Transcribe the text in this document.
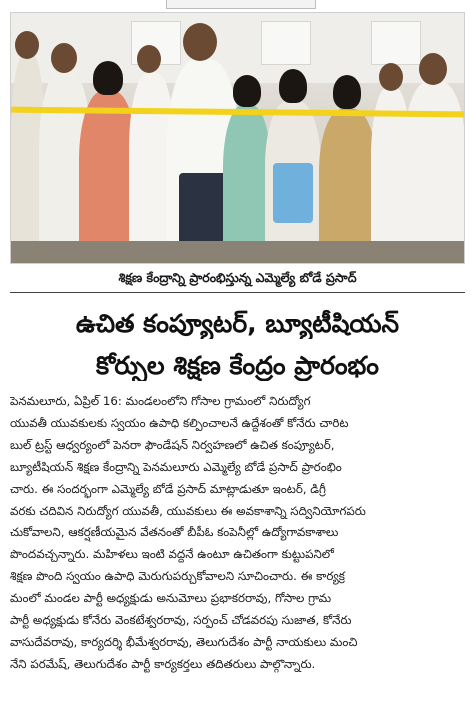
శిక్షణ కేంద్రాన్ని ప్రారంభిస్తున్న ఎమ్మెల్యే బోడే ప్రసాద్
ఉచిత కంప్యూటర్, బ్యూటీషియన్
కోర్సుల శిక్షణ కేంద్రం ప్రారంభం
పెనమలూరు, ఏప్రిల్ 16: మండలంలోని గోసాల గ్రామంలో నిరుద్యోగ
యువతీ యువకులకు స్వయం ఉపాధి కల్పించాలనే ఉద్దేశంతో కోనేరు చారిట
బుల్ ట్రస్ట్ ఆధ్వర్యంలో పెనరా ఫౌండేషన్ నిర్వహణలో ఉచిత కంప్యూటర్,
బ్యూటీషియన్ శిక్షణ కేంద్రాన్ని పెనమలూరు ఎమ్మెల్యే బోడే ప్రసాద్ ప్రారంభిం
చారు. ఈ సందర్భంగా ఎమ్మెల్యే బోడే ప్రసాద్ మాట్లాడుతూ ఇంటర్, డిగ్రీ
వరకు చదివిన నిరుద్యోగ యువతీ, యువకులు ఈ అవకాశాన్ని సద్వినియోగపరు
చుకోవాలని, ఆకర్షణీయమైన వేతనంతో బీపీఓ కంపెనీల్లో ఉద్యోగావకాశాలు
పొందవచ్చన్నారు. మహిళలు ఇంటి వద్దనే ఉంటూ ఉచితంగా కుట్టుపనిలో
శిక్షణ పొంది స్వయం ఉపాధి మెరుగుపర్చుకోవాలని సూచించారు. ఈ కార్యక్ర
మంలో మండల పార్టీ అధ్యక్షుడు అనుమోలు ప్రభాకరరావు, గోసాల గ్రామ
పార్టీ అధ్యక్షుడు కోనేరు వెంకటేశ్వరరావు, సర్పంచ్ చోడవరపు సుజాత, కోనేరు
వాసుదేవరావు, కార్యదర్శి భీమేశ్వరరావు, తెలుగుదేశం పార్టీ నాయకులు మంచి
నేని పరమేష్, తెలుగుదేశం పార్టీ కార్యకర్తలు తదితరులు పాల్గొన్నారు.
